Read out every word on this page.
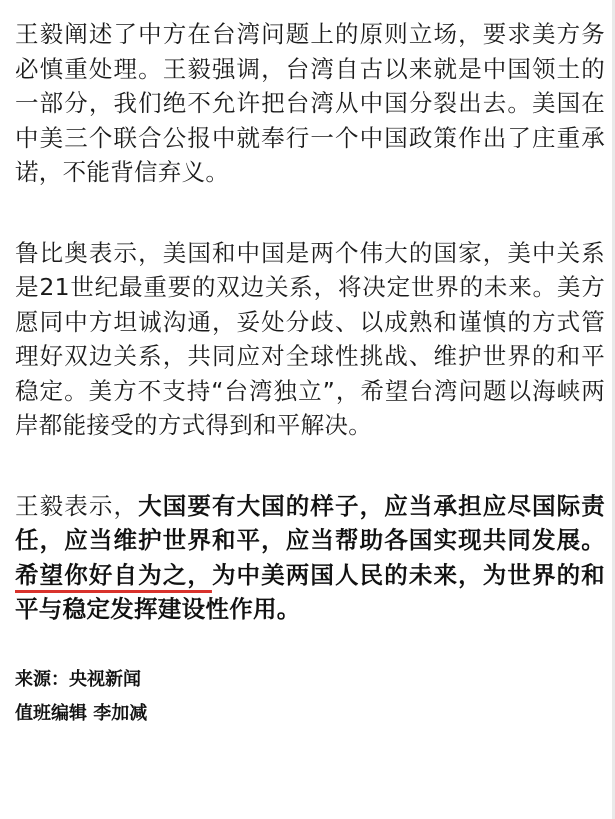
王毅阐述了中方在台湾问题上的原则立场，要求美方务必慎重处理。王毅强调，台湾自古以来就是中国领土的一部分，我们绝不允许把台湾从中国分裂出去。美国在中美三个联合公报中就奉行一个中国政策作出了庄重承诺，不能背信弃义。

鲁比奥表示，美国和中国是两个伟大的国家，美中关系是21世纪最重要的双边关系，将决定世界的未来。美方愿同中方坦诚沟通，妥处分歧、以成熟和谨慎的方式管理好双边关系，共同应对全球性挑战、维护世界的和平稳定。美方不支持“台湾独立”，希望台湾问题以海峡两岸都能接受的方式得到和平解决。

王毅表示，大国要有大国的样子，应当承担应尽国际责任，应当维护世界和平，应当帮助各国实现共同发展。希望你好自为之，为中美两国人民的未来，为世界的和平与稳定发挥建设性作用。

来源：央视新闻

值班编辑 李加减
